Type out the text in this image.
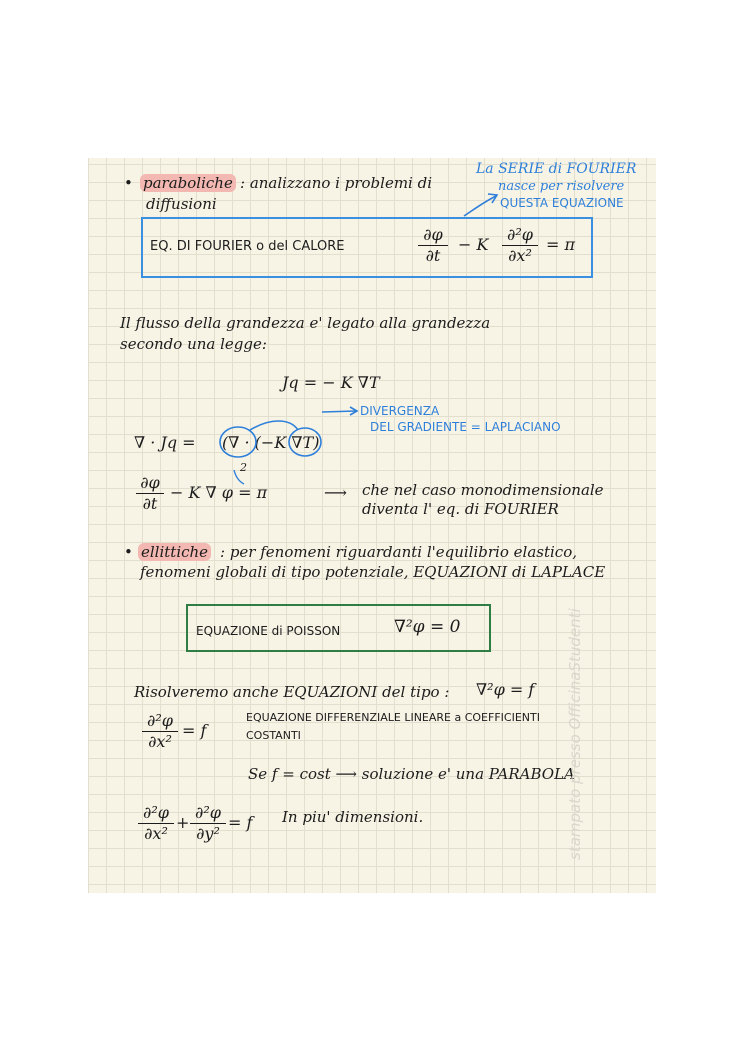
• paraboliche : analizzano i problemi di
diffusioni
La SERIE di FOURIER
nasce per risolvere
QUESTA EQUAZIONE
EQ. DI FOURIER o del CALORE
∂φ
∂t
− K
∂²φ
∂x²
= π
Il flusso della grandezza e' legato alla grandezza
secondo una legge:
Jq = − K ∇T
DIVERGENZA
DEL GRADIENTE = LAPLACIANO
∇ · Jq = (∇ · (−K ∇T)
2
∂φ
∂t
− K ∇ φ = π	⟶ che nel caso monodimensionale
diventa l' eq. di FOURIER
• ellittiche : per fenomeni riguardanti l'equilibrio elastico,
fenomeni globali di tipo potenziale, EQUAZIONI di LAPLACE
EQUAZIONE di POISSON	∇²φ = 0
Risolveremo anche EQUAZIONI del tipo : ∇²φ = f
∂²φ
∂x²
= f
EQUAZIONE DIFFERENZIALE LINEARE a COEFFICIENTI
COSTANTI
Se f = cost ⟶ soluzione e' una PARABOLA
∂²φ
∂x²
+
∂²φ
∂y²
= f In piu' dimensioni.	stampato presso OfficinaStudenti
